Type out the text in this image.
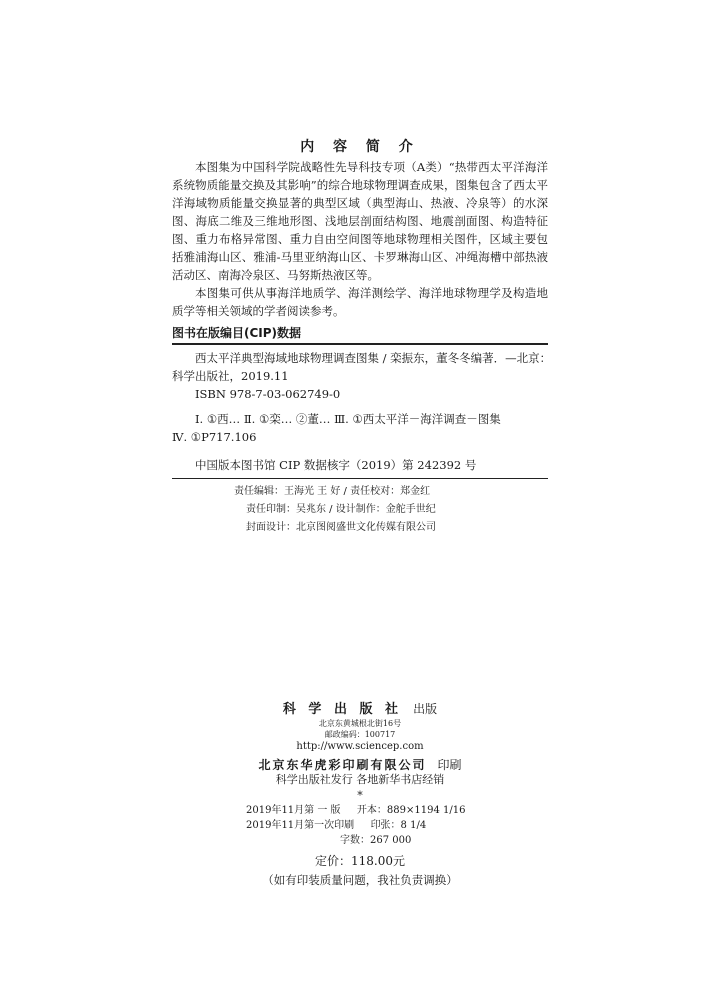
内 容 简 介

本图集为中国科学院战略性先导科技专项（A类）“热带西太平洋海洋系统物质能量交换及其影响”的综合地球物理调查成果，图集包含了西太平洋海域物质能量交换显著的典型区域（典型海山、热液、冷泉等）的水深图、海底二维及三维地形图、浅地层剖面结构图、地震剖面图、构造特征图、重力布格异常图、重力自由空间图等地球物理相关图件，区域主要包括雅浦海山区、雅浦-马里亚纳海山区、卡罗琳海山区、冲绳海槽中部热液活动区、南海冷泉区、马努斯热液区等。

本图集可供从事海洋地质学、海洋测绘学、海洋地球物理学及构造地质学等相关领域的学者阅读参考。

图书在版编目(CIP)数据
西太平洋典型海域地球物理调查图集 / 栾振东，董冬冬编著．—北京：
科学出版社，2019.11
ISBN 978-7-03-062749-0
Ⅰ. ①西… Ⅱ. ①栾… ②董… Ⅲ. ①西太平洋－海洋调查－图集
Ⅳ. ①P717.106
中国版本图书馆 CIP 数据核字（2019）第 242392 号
责任编辑：王海光 王 好 / 责任校对：郑金红
责任印制：吴兆东 / 设计制作：金舵手世纪
封面设计：北京图阅盛世文化传媒有限公司
科 学 出 版 社 出版
北京东黄城根北街16号
邮政编码：100717
http://www.sciencep.com
北京东华虎彩印刷有限公司 印刷
科学出版社发行 各地新华书店经销
*
2019年11月第 一 版 开本：889×1194 1/16
2019年11月第一次印刷 印张：8 1/4
字数：267 000
定价：118.00元
（如有印装质量问题，我社负责调换）
